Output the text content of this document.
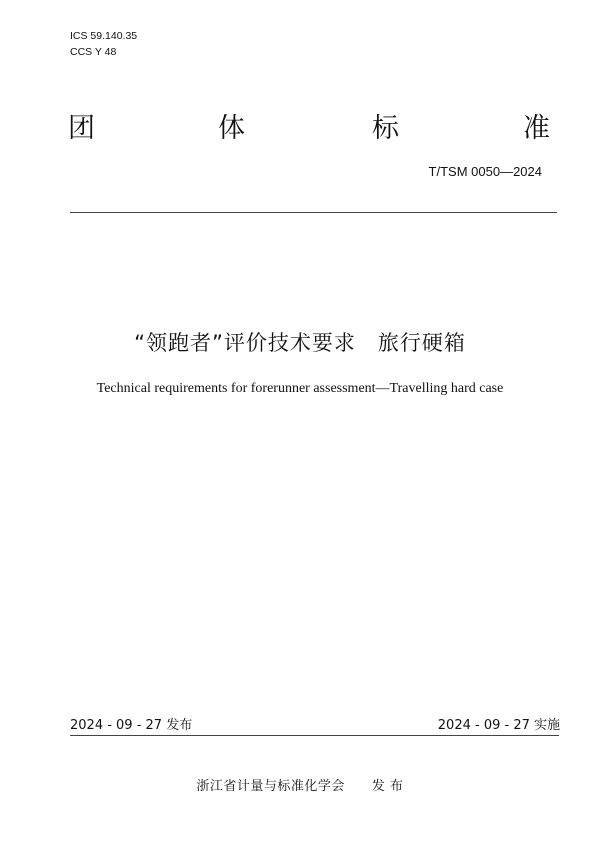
ICS 59.140.35
CCS Y 48
团	体	标	准
T/TSM 0050—2024
“领跑者”评价技术要求　旅行硬箱
Technical requirements for forerunner assessment—Travelling hard case
2024 - 09 - 27 发布	2024 - 09 - 27 实施
浙江省计量与标准化学会　　发 布
